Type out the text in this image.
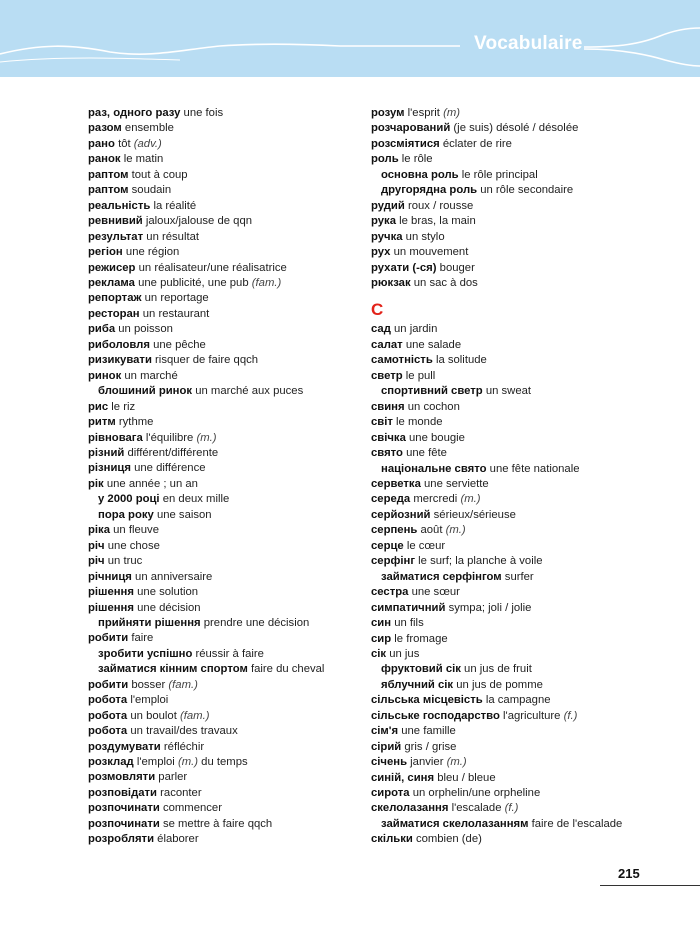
Vocabulaire
раз, одного разу une fois
разом ensemble
рано tôt (adv.)
ранок le matin
раптом tout à coup
раптом soudain
реальність la réalité
ревнивий jaloux/jalouse de qqn
результат un résultat
регіон une région
режисер un réalisateur/une réalisatrice
реклама une publicité, une pub (fam.)
репортаж un reportage
ресторан un restaurant
риба un poisson
риболовля une pêche
ризикувати risquer de faire qqch
ринок un marché
блошиний ринок un marché aux puces
рис le riz
ритм rythme
рівновага l'équilibre (m.)
різний différent/différente
різниця une différence
рік une année ; un an
у 2000 році en deux mille
пора року une saison
ріка un fleuve
річ une chose
річ un truc
річниця un anniversaire
рішення une solution
рішення une décision
прийняти рішення prendre une décision
робити faire
зробити успішно réussir à faire
займатися кінним спортом faire du cheval
робити bosser (fam.)
робота l'emploi
робота un boulot (fam.)
робота un travail/des travaux
роздумувати réfléchir
розклад l'emploi (m.) du temps
розмовляти parler
розповідати raconter
розпочинати commencer
розпочинати se mettre à faire qqch
розробляти élaborer
розум l'esprit (m)
розчарований (je suis) désolé / désolée
розсміятися éclater de rire
роль le rôle
основна роль le rôle principal
другорядна роль un rôle secondaire
рудий roux / rousse
рука le bras, la main
ручка un stylo
рух un mouvement
рухати (-ся) bouger
рюкзак un sac à dos
С
сад un jardin
салат une salade
самотність la solitude
светр le pull
спортивний светр un sweat
свиня un cochon
світ le monde
свічка une bougie
свято une fête
національне свято une fête nationale
серветка une serviette
середа mercredi (m.)
серйозний sérieux/sérieuse
серпень août (m.)
серце le cœur
серфінг le surf; la planche à voile
займатися серфінгом surfer
сестра une sœur
симпатичний sympa; joli / jolie
син un fils
сир le fromage
сік un jus
фруктовий сік un jus de fruit
яблучний сік un jus de pomme
сільська місцевість la campagne
сільське господарство l'agriculture (f.)
сім'я une famille
сірий gris / grise
січень janvier (m.)
синій, синя bleu / bleue
сирота un orphelin/une orpheline
скелолазання l'escalade (f.)
займатися скелолазанням faire de l'escalade
скільки combien (de)
215
